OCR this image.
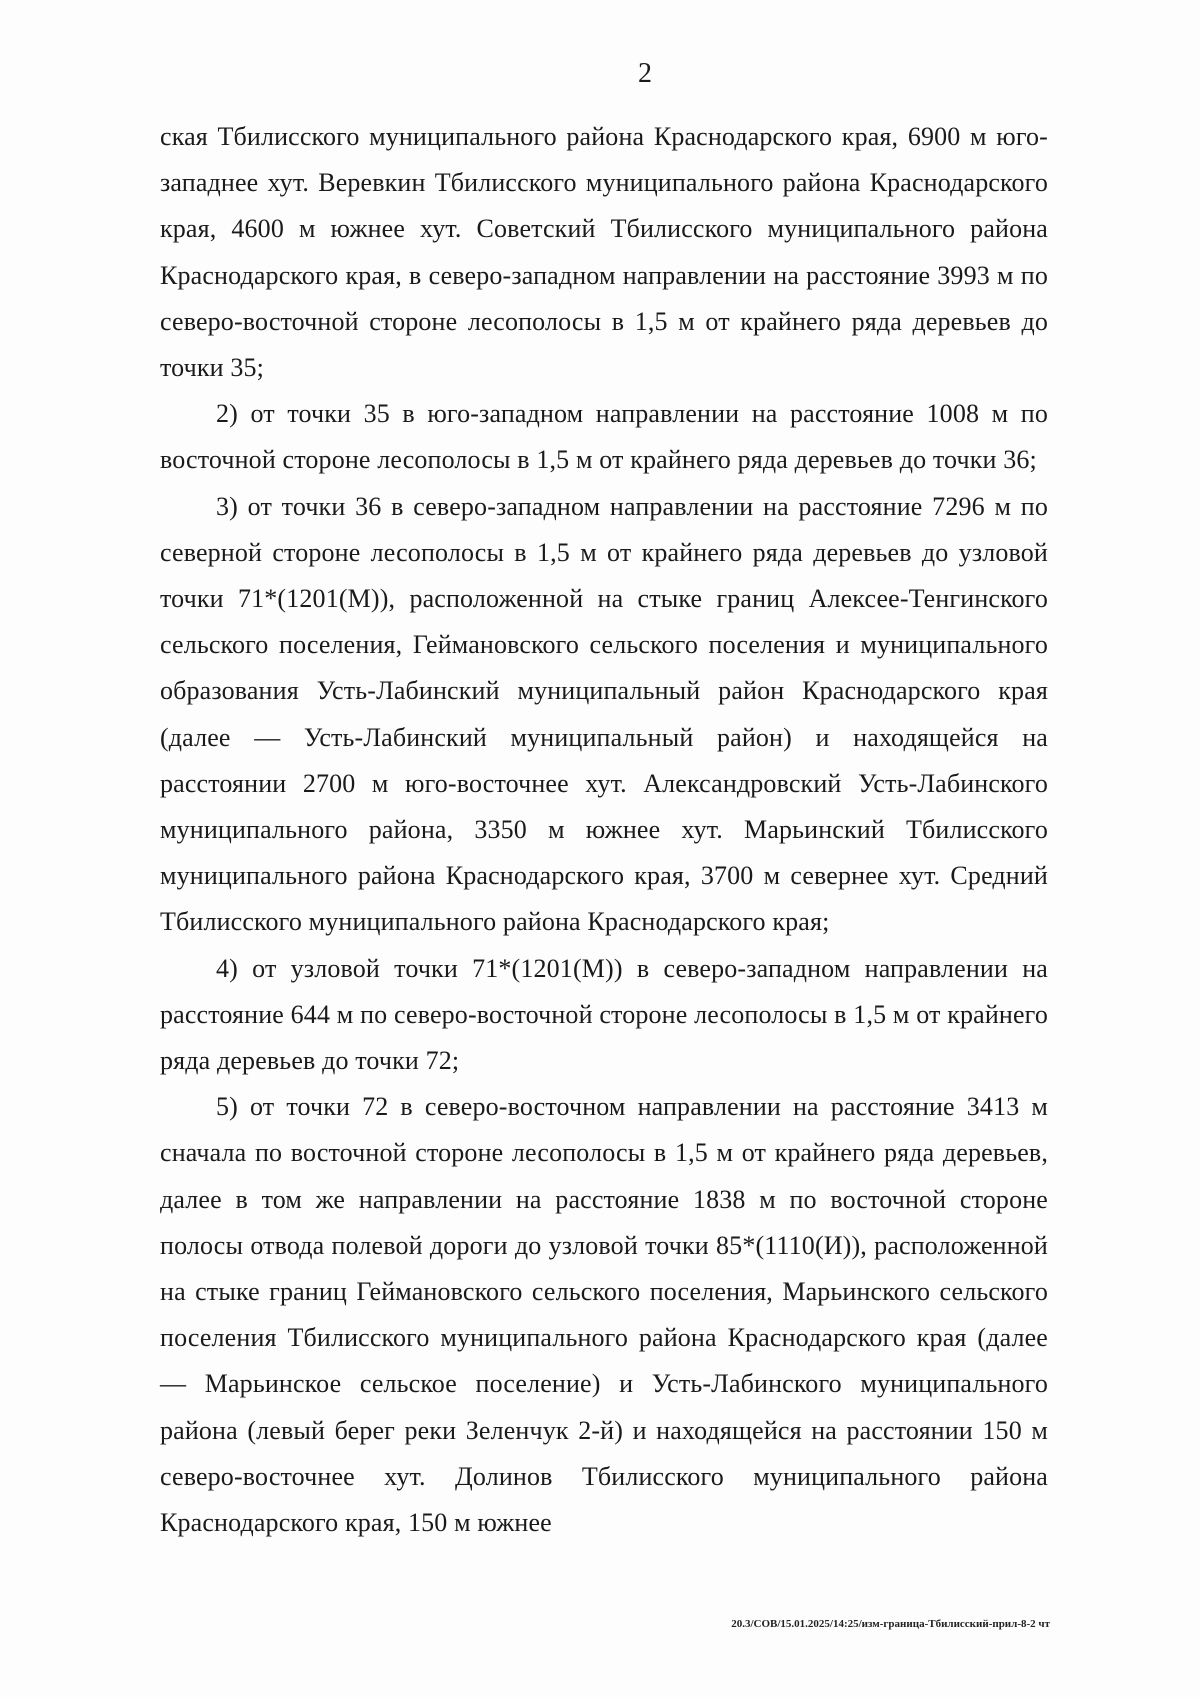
2

ская Тбилисского муниципального района Краснодарского края, 6900 м юго-западнее хут. Веревкин Тбилисского муниципального района Краснодарского края, 4600 м южнее хут. Советский Тбилисского муниципального района Краснодарского края, в северо-западном направлении на расстояние 3993 м по северо-восточной стороне лесополосы в 1,5 м от крайнего ряда деревьев до точки 35;

2) от точки 35 в юго-западном направлении на расстояние 1008 м по восточной стороне лесополосы в 1,5 м от крайнего ряда деревьев до точки 36;

3) от точки 36 в северо-западном направлении на расстояние 7296 м по северной стороне лесополосы в 1,5 м от крайнего ряда деревьев до узловой точки 71*(1201(М)), расположенной на стыке границ Алексее-Тенгинского сельского поселения, Геймановского сельского поселения и муниципального образования Усть-Лабинский муниципальный район Краснодарского края (далее — Усть-Лабинский муниципальный район) и находящейся на расстоянии 2700 м юго-восточнее хут. Александровский Усть-Лабинского муниципального района, 3350 м южнее хут. Марьинский Тбилисского муниципального района Краснодарского края, 3700 м севернее хут. Средний Тбилисского муниципального района Краснодарского края;

4) от узловой точки 71*(1201(М)) в северо-западном направлении на расстояние 644 м по северо-восточной стороне лесополосы в 1,5 м от крайнего ряда деревьев до точки 72;

5) от точки 72 в северо-восточном направлении на расстояние 3413 м сначала по восточной стороне лесополосы в 1,5 м от крайнего ряда деревьев, далее в том же направлении на расстояние 1838 м по восточной стороне полосы отвода полевой дороги до узловой точки 85*(1110(И)), расположенной на стыке границ Геймановского сельского поселения, Марьинского сельского поселения Тбилисского муниципального района Краснодарского края (далее — Марьинское сельское поселение) и Усть-Лабинского муниципального района (левый берег реки Зеленчук 2-й) и находящейся на расстоянии 150 м северо-восточнее хут. Долинов Тбилисского муниципального района Краснодарского края, 150 м южнее

20.3/СОВ/15.01.2025/14:25/изм-граница-Тбилисский-прил-8-2 чт
